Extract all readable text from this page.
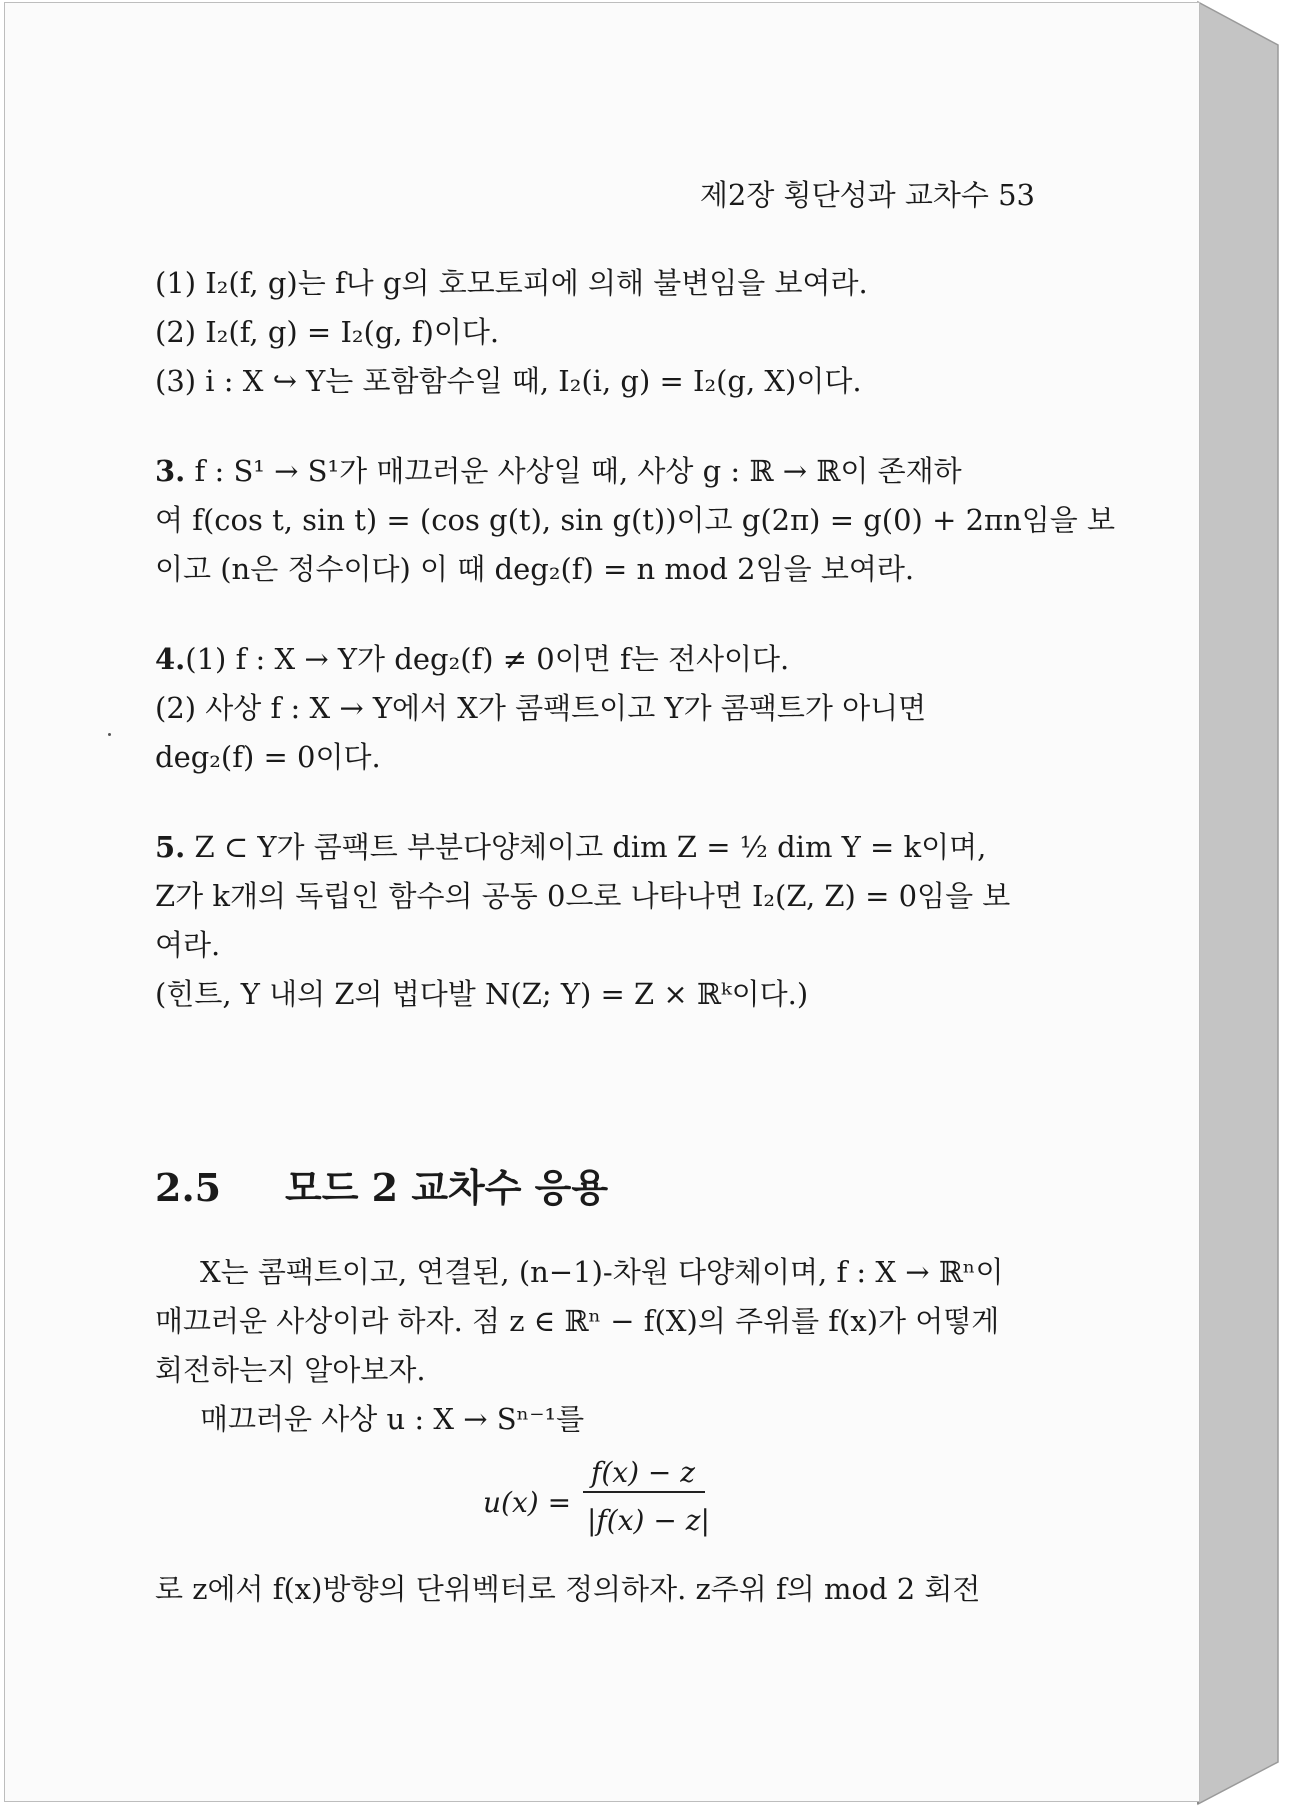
제2장 횡단성과 교차수 53
(1) I₂(f, g)는 f나 g의 호모토피에 의해 불변임을 보여라.
(2) I₂(f, g) = I₂(g, f)이다.
(3) i : X ↪ Y는 포함함수일 때, I₂(i, g) = I₂(g, X)이다.
3. f : S¹ → S¹가 매끄러운 사상일 때, 사상 g : ℝ → ℝ이 존재하
여 f(cos t, sin t) = (cos g(t), sin g(t))이고 g(2π) = g(0) + 2πn임을 보
이고 (n은 정수이다) 이 때 deg₂(f) = n mod 2임을 보여라.
4.(1) f : X → Y가 deg₂(f) ≠ 0이면 f는 전사이다.
(2) 사상 f : X → Y에서 X가 콤팩트이고 Y가 콤팩트가 아니면
deg₂(f) = 0이다.
5. Z ⊂ Y가 콤팩트 부분다양체이고 dim Z = ½ dim Y = k이며,
Z가 k개의 독립인 함수의 공동 0으로 나타나면 I₂(Z, Z) = 0임을 보
여라.
(힌트, Y 내의 Z의 법다발 N(Z; Y) = Z × ℝᵏ이다.)
2.5 모드 2 교차수 응용
X는 콤팩트이고, 연결된, (n−1)-차원 다양체이며, f : X → ℝⁿ이
매끄러운 사상이라 하자. 점 z ∈ ℝⁿ − f(X)의 주위를 f(x)가 어떻게
회전하는지 알아보자.
매끄러운 사상 u : X → Sⁿ⁻¹를
u(x) =
f(x) − z
|f(x) − z|
로 z에서 f(x)방향의 단위벡터로 정의하자. z주위 f의 mod 2 회전
